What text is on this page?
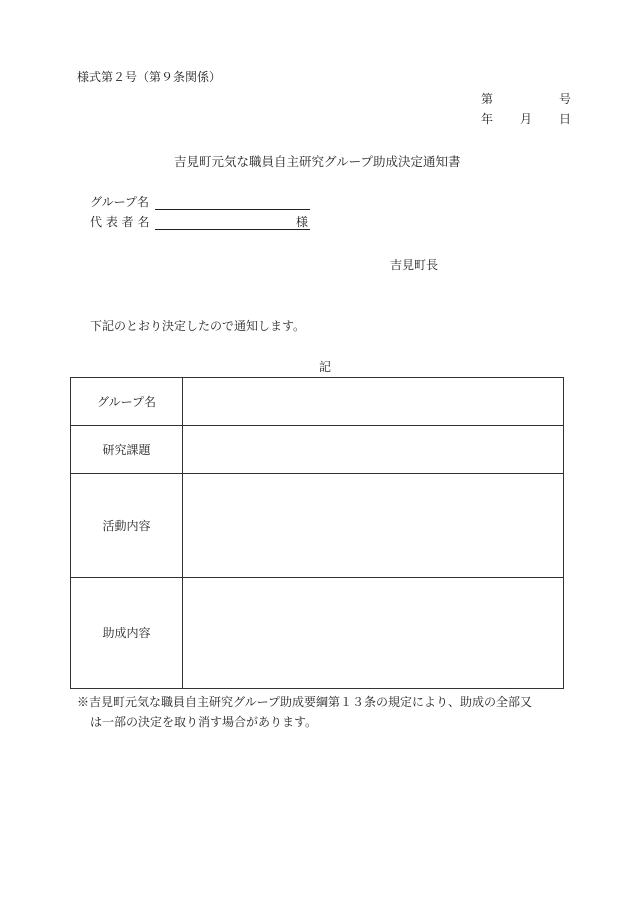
様式第２号（第９条関係）
第	号
年 月 日
吉見町元気な職員自主研究グループ助成決定通知書
グループ名
代 表 者 名	様
吉見町長
下記のとおり決定したので通知します。
記
グループ名	
研究課題	
活動内容	
助成内容	
※吉見町元気な職員自主研究グループ助成要綱第１３条の規定により、助成の全部又
は一部の決定を取り消す場合があります。
